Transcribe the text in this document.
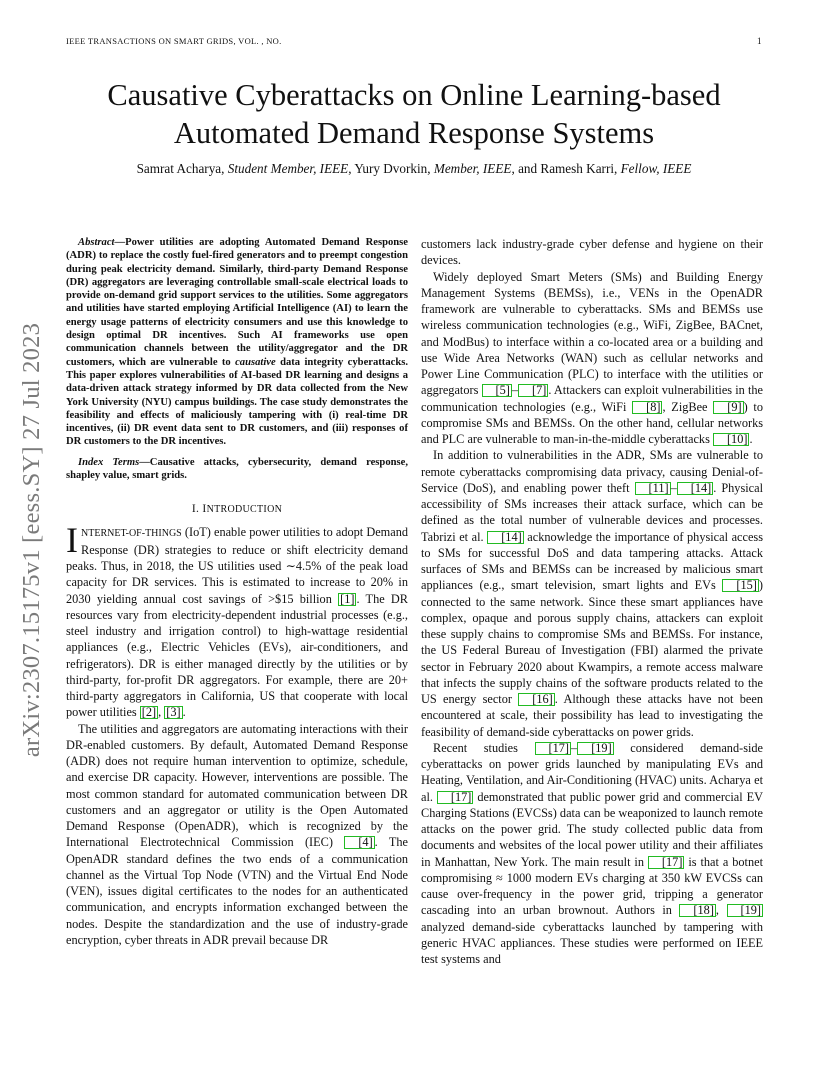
IEEE TRANSACTIONS ON SMART GRIDS, VOL. , NO.	1
arXiv:2307.15175v1 [eess.SY] 27 Jul 2023
Causative Cyberattacks on Online Learning-based Automated Demand Response Systems
Samrat Acharya, Student Member, IEEE, Yury Dvorkin, Member, IEEE, and Ramesh Karri, Fellow, IEEE

Abstract—Power utilities are adopting Automated Demand Response (ADR) to replace the costly fuel-fired generators and to preempt congestion during peak electricity demand. Similarly, third-party Demand Response (DR) aggregators are leveraging controllable small-scale electrical loads to provide on-demand grid support services to the utilities. Some aggregators and utilities have started employing Artificial Intelligence (AI) to learn the energy usage patterns of electricity consumers and use this knowledge to design optimal DR incentives. Such AI frameworks use open communication channels between the utility/aggregator and the DR customers, which are vulnerable to causative data integrity cyberattacks. This paper explores vulnerabilities of AI-based DR learning and designs a data-driven attack strategy informed by DR data collected from the New York University (NYU) campus buildings. The case study demonstrates the feasibility and effects of maliciously tampering with (i) real-time DR incentives, (ii) DR event data sent to DR customers, and (iii) responses of DR customers to the DR incentives.

Index Terms—Causative attacks, cybersecurity, demand response, shapley value, smart grids.

I. INTRODUCTION

INTERNET-OF-THINGS (IoT) enable power utilities to adopt Demand Response (DR) strategies to reduce or shift electricity demand peaks. Thus, in 2018, the US utilities used ∼4.5% of the peak load capacity for DR services. This is estimated to increase to 20% in 2030 yielding annual cost savings of >$15 billion [1] . The DR resources vary from electricity-dependent industrial processes (e.g., steel industry and irrigation control) to high-wattage residential appliances (e.g., Electric Vehicles (EVs), air-conditioners, and refrigerators). DR is either managed directly by the utilities or by third-party, for-profit DR aggregators. For example, there are 20+ third-party aggregators in California, US that cooperate with local power utilities [2] , [3] .

The utilities and aggregators are automating interactions with their DR-enabled customers. By default, Automated Demand Response (ADR) does not require human intervention to optimize, schedule, and exercise DR capacity. However, interventions are possible. The most common standard for automated communication between DR customers and an aggregator or utility is the Open Automated Demand Response (OpenADR), which is recognized by the International Electrotechnical Commission (IEC) [4] . The OpenADR standard defines the two ends of a communication channel as the Virtual Top Node (VTN) and the Virtual End Node (VEN), issues digital certificates to the nodes for an authenticated communication, and encrypts information exchanged between the nodes. Despite the standardization and the use of industry-grade encryption, cyber threats in ADR prevail because DR

customers lack industry-grade cyber defense and hygiene on their devices.

Widely deployed Smart Meters (SMs) and Building Energy Management Systems (BEMSs), i.e., VENs in the OpenADR framework are vulnerable to cyberattacks. SMs and BEMSs use wireless communication technologies (e.g., WiFi, ZigBee, BACnet, and ModBus) to interface within a co-located area or a building and use Wide Area Networks (WAN) such as cellular networks and Power Line Communication (PLC) to interface with the utilities or aggregators [5] – [7] . Attackers can exploit vulnerabilities in the communication technologies (e.g., WiFi [8] , ZigBee [9] ) to compromise SMs and BEMSs. On the other hand, cellular networks and PLC are vulnerable to man-in-the-middle cyberattacks [10] .

In addition to vulnerabilities in the ADR, SMs are vulnerable to remote cyberattacks compromising data privacy, causing Denial-of-Service (DoS), and enabling power theft [11] – [14] . Physical accessibility of SMs increases their attack surface, which can be defined as the total number of vulnerable devices and processes. Tabrizi et al. [14] acknowledge the importance of physical access to SMs for successful DoS and data tampering attacks. Attack surfaces of SMs and BEMSs can be increased by malicious smart appliances (e.g., smart television, smart lights and EVs [15] ) connected to the same network. Since these smart appliances have complex, opaque and porous supply chains, attackers can exploit these supply chains to compromise SMs and BEMSs. For instance, the US Federal Bureau of Investigation (FBI) alarmed the private sector in February 2020 about Kwampirs, a remote access malware that infects the supply chains of the software products related to the US energy sector [16] . Although these attacks have not been encountered at scale, their possibility has lead to investigating the feasibility of demand-side cyberattacks on power grids.

Recent studies [17] – [19] considered demand-side cyberattacks on power grids launched by manipulating EVs and Heating, Ventilation, and Air-Conditioning (HVAC) units. Acharya et al. [17] demonstrated that public power grid and commercial EV Charging Stations (EVCSs) data can be weaponized to launch remote attacks on the power grid. The study collected public data from documents and websites of the local power utility and their affiliates in Manhattan, New York. The main result in [17] is that a botnet compromising ≈ 1000 modern EVs charging at 350 kW EVCSs can cause over-frequency in the power grid, tripping a generator cascading into an urban brownout. Authors in [18] , [19] analyzed demand-side cyberattacks launched by tampering with generic HVAC appliances. These studies were performed on IEEE test systems and
